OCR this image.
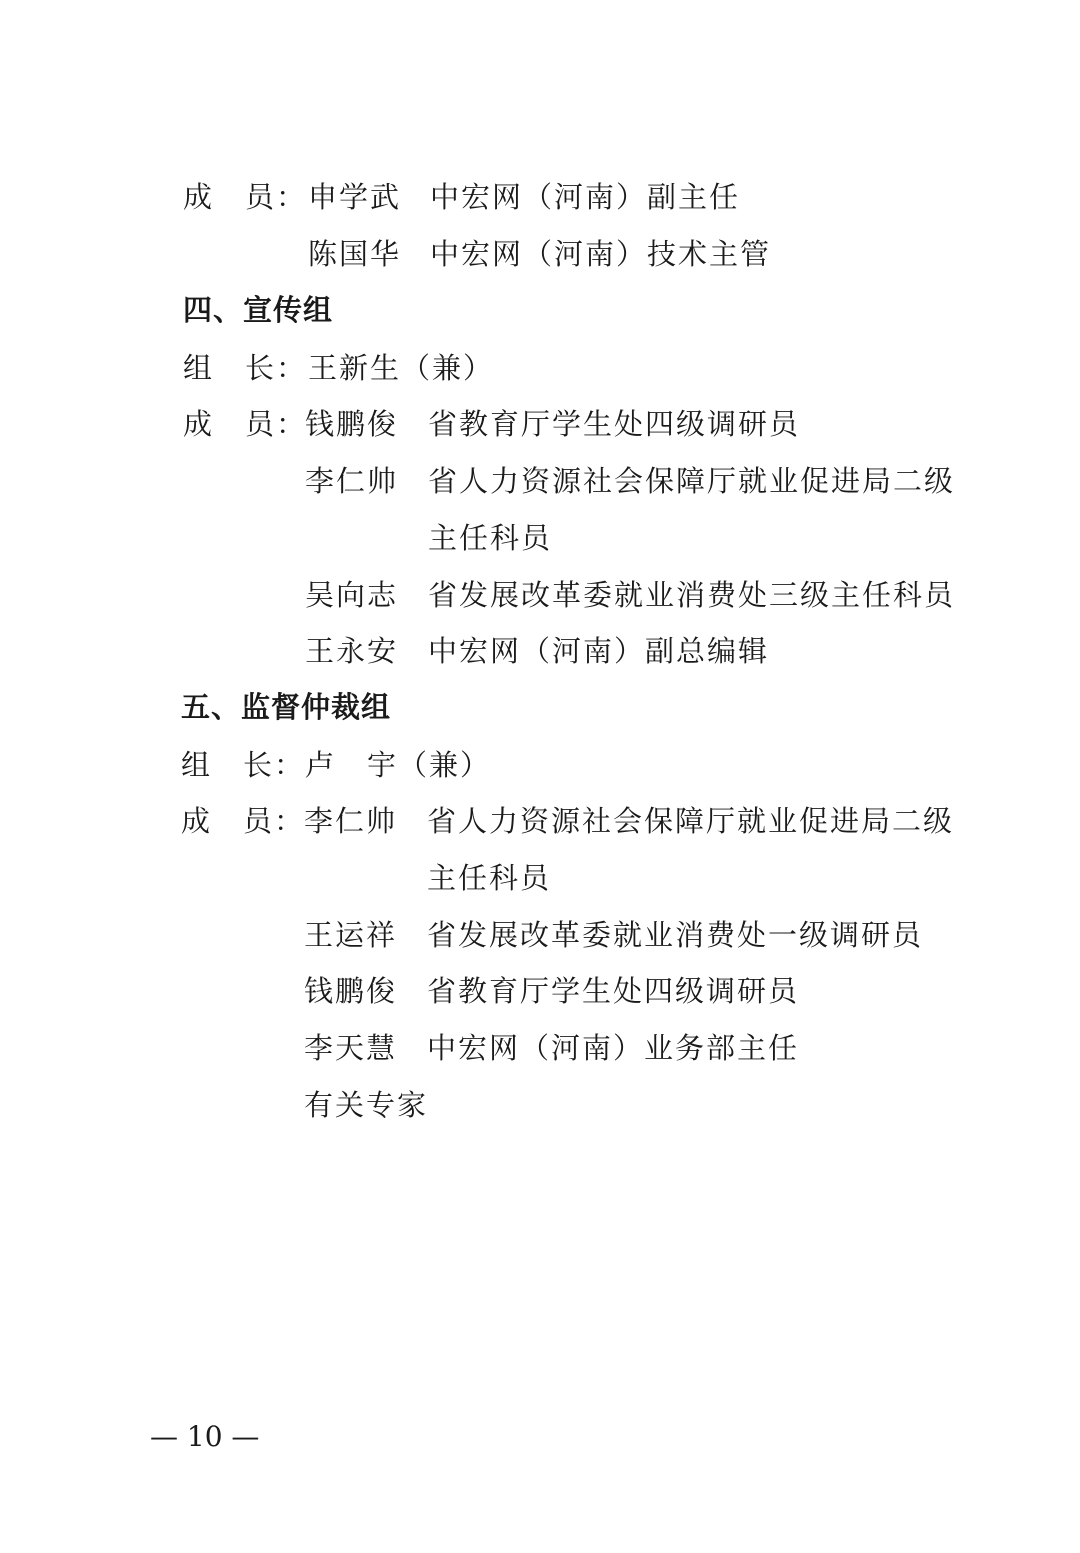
成　员： 申学武 中宏网（河南）副主任
陈国华 中宏网（河南）技术主管
四、宣传组
组　长： 王新生（兼）
成　员：
钱鹏俊 省教育厅学生处四级调研员
李仁帅 省人力资源社会保障厅就业促进局二级
主任科员
吴向志 省发展改革委就业消费处三级主任科员
王永安 中宏网（河南）副总编辑
五、监督仲裁组
组　长： 卢　宇（兼）
成　员：
李仁帅 省人力资源社会保障厅就业促进局二级
主任科员
王运祥 省发展改革委就业消费处一级调研员
钱鹏俊 省教育厅学生处四级调研员
李天慧 中宏网（河南）业务部主任
有关专家
— 10 —
